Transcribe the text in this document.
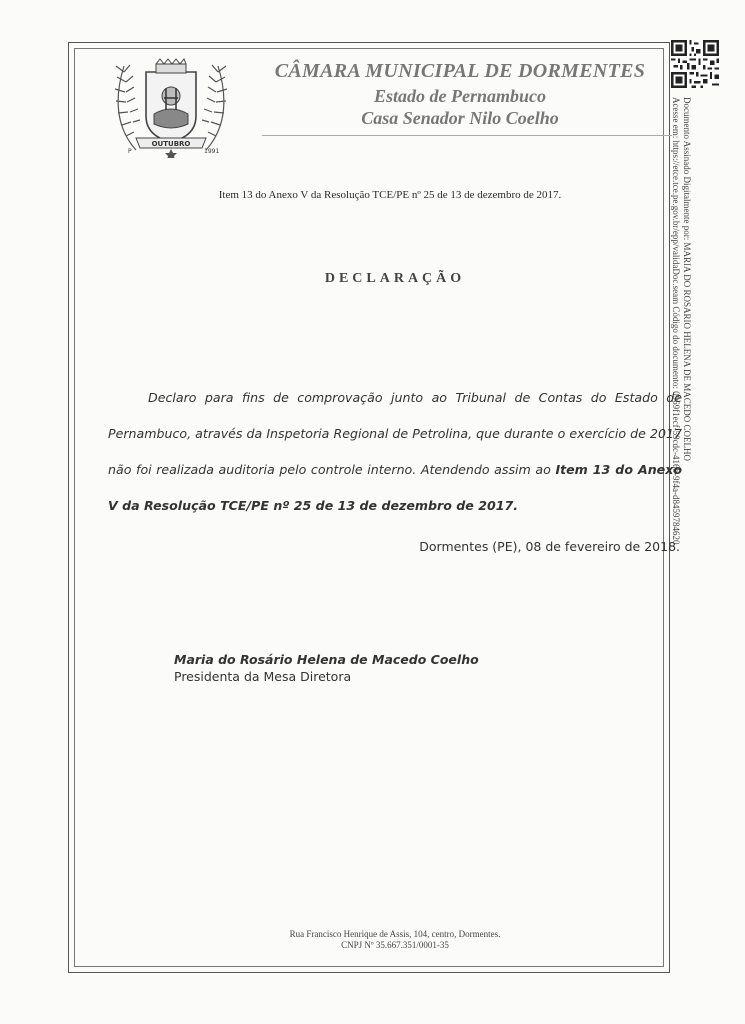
OUTUBRO
P	1991
CÂMARA MUNICIPAL DE DORMENTES
Estado de Pernambuco
Casa Senador Nilo Coelho	Documento Assinado Digitalmente por: MARIA DO ROSARIO HELENA DE MACEDO COELHO
Acesse em: https://etce.tce.pe.gov.br/epp/validaDoc.seam Código do documento: 0969f1ecf-59cdc-416b-9f4a-d8459784620
Item 13 do Anexo V da Resolução TCE/PE nº 25 de 13 de dezembro de 2017.
DECLARAÇÃO
Declaro para fins de comprovação junto ao Tribunal de Contas do Estado de Pernambuco, através da Inspetoria Regional de Petrolina, que durante o exercício de 2017 não foi realizada auditoria pelo controle interno. Atendendo assim ao Item 13 do Anexo V da Resolução TCE/PE nº 25 de 13 de dezembro de 2017.
Dormentes (PE), 08 de fevereiro de 2018.
Maria do Rosário Helena de Macedo Coelho
Presidenta da Mesa Diretora
Rua Francisco Henrique de Assis, 104, centro, Dormentes.
CNPJ Nº 35.667.351/0001-35
